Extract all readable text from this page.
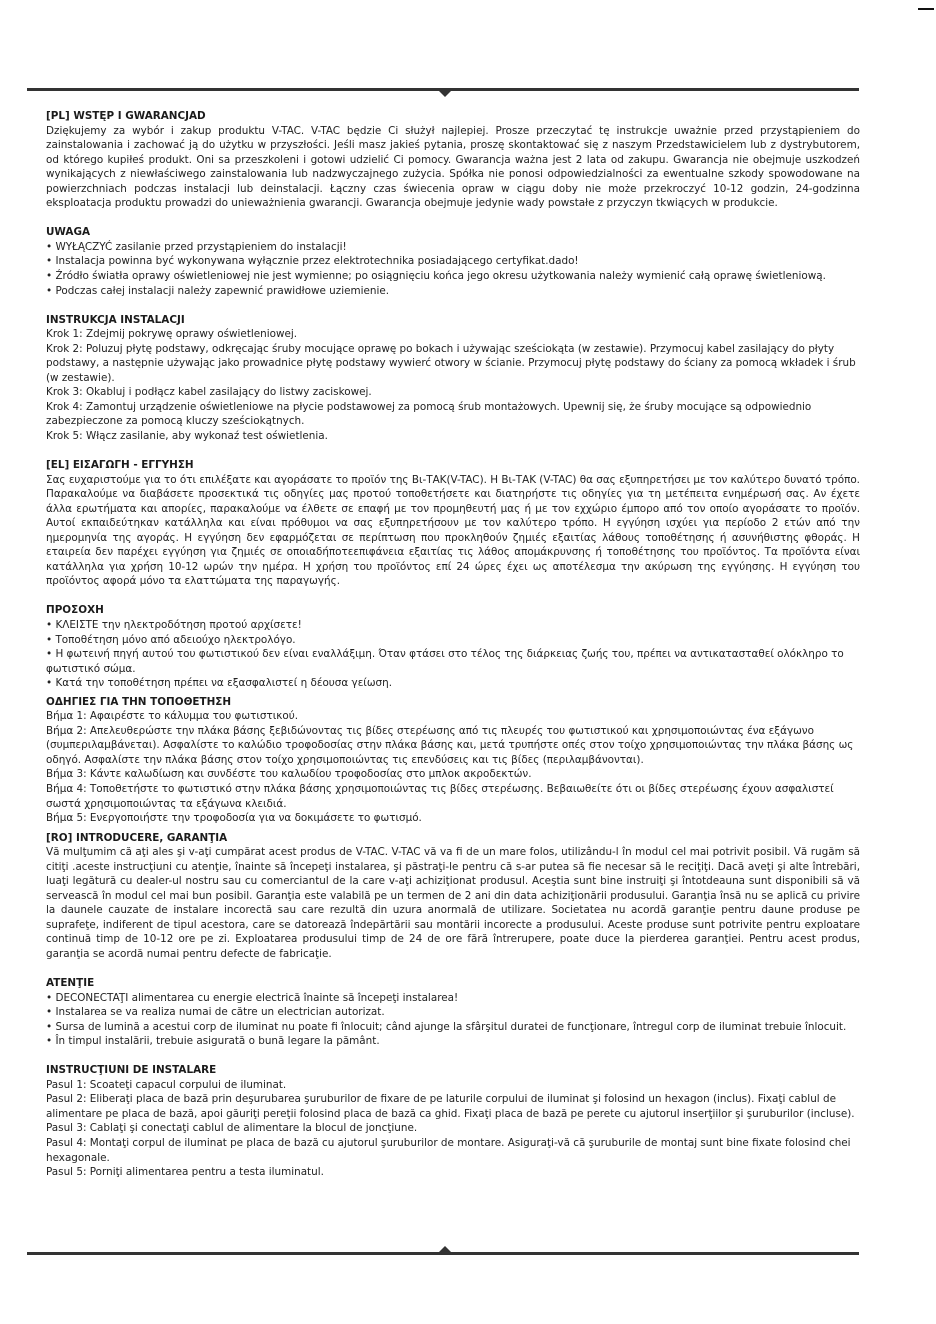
[PL] WSTĘP I GWARANCJAD

Dziękujemy za wybór i zakup produktu V-TAC. V-TAC będzie Ci służył najlepiej. Prosze przeczytać tę instrukcje uważnie przed przystąpieniem do zainstalowania i zachować ją do użytku w przyszłości. Jeśli masz jakieś pytania, proszę skontaktować się z naszym Przedstawicielem lub z dystrybutorem, od którego kupiłeś produkt. Oni sa przeszkoleni i gotowi udzielić Ci pomocy. Gwarancja ważna jest 2 lata od zakupu. Gwarancja nie obejmuje uszkodzeń wynikających z niewłaściwego zainstalowania lub nadzwyczajnego zużycia. Spółka nie ponosi odpowiedzialności za ewentualne szkody spowodowane na powierzchniach podczas instalacji lub deinstalacji. Łączny czas świecenia opraw w ciągu doby nie może przekroczyć 10-12 godzin, 24-godzinna eksploatacja produktu prowadzi do unieważnienia gwarancji. Gwarancja obejmuje jedynie wady powstałe z przyczyn tkwiących w produkcie.

UWAGA
• WYŁĄCZYĆ zasilanie przed przystąpieniem do instalacji!
• Instalacja powinna być wykonywana wyłącznie przez elektrotechnika posiadającego certyfikat.dado!
• Źródło światła oprawy oświetleniowej nie jest wymienne; po osiągnięciu końca jego okresu użytkowania należy wymienić całą oprawę świetleniową.
• Podczas całej instalacji należy zapewnić prawidłowe uziemienie.
INSTRUKCJA INSTALACJI
Krok 1: Zdejmij pokrywę oprawy oświetleniowej.
Krok 2: Poluzuj płytę podstawy, odkręcając śruby mocujące oprawę po bokach i używając sześciokąta (w zestawie). Przymocuj kabel zasilający do płyty podstawy, a następnie używając jako prowadnice płytę podstawy wywierć otwory w ścianie. Przymocuj płytę podstawy do ściany za pomocą wkładek i śrub (w zestawie).
Krok 3: Okabluj i podłącz kabel zasilający do listwy zaciskowej.
Krok 4: Zamontuj urządzenie oświetleniowe na płycie podstawowej za pomocą śrub montażowych. Upewnij się, że śruby mocujące są odpowiednio zabezpieczone za pomocą kluczy sześciokątnych.
Krok 5: Włącz zasilanie, aby wykonaź test oświetlenia.
[EL] ΕΙΣΑΓΩΓΗ - ΕΓΓΥΗΣΗ

Σας ευχαριστούμε για το ότι επιλέξατε και αγοράσατε το προϊόν της Βι-ΤΑΚ(V-TAC). Η Βι-ΤΑΚ (V-TAC) θα σας εξυπηρετήσει με τον καλύτερο δυνατό τρόπο. Παρακαλούμε να διαβάσετε προσεκτικά τις οδηγίες μας προτού τοποθετήσετε και διατηρήστε τις οδηγίες για τη μετέπειτα ενημέρωσή σας. Αν έχετε άλλα ερωτήματα και απορίες, παρακαλούμε να έλθετε σε επαφή με τον προμηθευτή μας ή με τον εχχώριο έμπορο από τον οποίο αγοράσατε το προϊόν. Αυτοί εκπαιδεύτηκαν κατάλληλα και είναι πρόθυμοι να σας εξυπηρετήσουν με τον καλύτερο τρόπο. Η εγγύηση ισχύει για περίοδο 2 ετών από την ημερομηνία της αγοράς. Η εγγύηση δεν εφαρμόζεται σε περίπτωση που προκληθούν ζημιές εξαιτίας λάθους τοποθέτησης ή ασυνήθιστης φθοράς. Η εταιρεία δεν παρέχει εγγύηση για ζημιές σε οποιαδήποτεεπιφάνεια εξαιτίας τις λάθος απομάκρυνσης ή τοποθέτησης του προϊόντος. Τα προϊόντα είναι κατάλληλα για χρήση 10-12 ωρών την ημέρα. Η χρήση του προϊόντος επί 24 ώρες έχει ως αποτέλεσμα την ακύρωση της εγγύησης. Η εγγύηση του προϊόντος αφορά μόνο τα ελαττώματα της παραγωγής.

ΠΡΟΣΟΧΗ
• ΚΛΕΙΣΤΕ την ηλεκτροδότηση προτού αρχίσετε!
• Τοποθέτηση μόνο από αδειούχο ηλεκτρολόγο.
• Η φωτεινή πηγή αυτού του φωτιστικού δεν είναι εναλλάξιμη. Όταν φτάσει στο τέλος της διάρκειας ζωής του, πρέπει να αντικατασταθεί ολόκληρο το φωτιστικό σώμα.
• Κατά την τοποθέτηση πρέπει να εξασφαλιστεί η δέουσα γείωση.
ΟΔΗΓΙΕΣ ΓΙΑ ΤΗΝ ΤΟΠΟΘΕΤΗΣΗ
Βήμα 1: Αφαιρέστε το κάλυμμα του φωτιστικού.
Βήμα 2: Απελευθερώστε την πλάκα βάσης ξεβιδώνοντας τις βίδες στερέωσης από τις πλευρές του φωτιστικού και χρησιμοποιώντας ένα εξάγωνο (συμπεριλαμβάνεται). Ασφαλίστε το καλώδιο τροφοδοσίας στην πλάκα βάσης και, μετά τρυπήστε οπές στον τοίχο χρησιμοποιώντας την πλάκα βάσης ως οδηγό. Ασφαλίστε την πλάκα βάσης στον τοίχο χρησιμοποιώντας τις επενδύσεις και τις βίδες (περιλαμβάνονται).
Βήμα 3: Κάντε καλωδίωση και συνδέστε του καλωδίου τροφοδοσίας στο μπλοκ ακροδεκτών.
Βήμα 4: Τοποθετήστε το φωτιστικό στην πλάκα βάσης χρησιμοποιώντας τις βίδες στερέωσης. Βεβαιωθείτε ότι οι βίδες στερέωσης έχουν ασφαλιστεί σωστά χρησιμοποιώντας τα εξάγωνα κλειδιά.
Βήμα 5: Ενεργοποιήστε την τροφοδοσία για να δοκιμάσετε το φωτισμό.
[RO] INTRODUCERE, GARANŢIA

Vă mulţumim că aţi ales şi v-aţi cumpărat acest produs de V-TAC. V-TAC vă va fi de un mare folos, utilizându-l în modul cel mai potrivit posibil. Vă rugăm să citiţi .aceste instrucţiuni cu atenţie, înainte să începeţi instalarea, şi păstraţi-le pentru că s-ar putea să fie necesar să le reciţiţi. Dacă aveţi şi alte întrebări, luaţi legătură cu dealer-ul nostru sau cu comerciantul de la care v-aţi achiziţionat produsul. Aceştia sunt bine instruiţi şi întotdeauna sunt disponibili să vă servească în modul cel mai bun posibil. Garanţia este valabilă pe un termen de 2 ani din data achiziţionării produsului. Garanţia însă nu se aplică cu privire la daunele cauzate de instalare incorectă sau care rezultă din uzura anormală de utilizare. Societatea nu acordă garanţie pentru daune produse pe suprafeţe, indiferent de tipul acestora, care se datorează îndepărtării sau montării incorecte a produsului. Aceste produse sunt potrivite pentru exploatare continuă timp de 10-12 ore pe zi. Exploatarea produsului timp de 24 de ore fără întrerupere, poate duce la pierderea garanţiei. Pentru acest produs, garanţia se acordă numai pentru defecte de fabricaţie.

ATENŢIE
• DECONECTAŢI alimentarea cu energie electrică înainte să începeţi instalarea!
• Instalarea se va realiza numai de către un electrician autorizat.
• Sursa de lumină a acestui corp de iluminat nu poate fi înlocuit; când ajunge la sfârşitul duratei de funcţionare, întregul corp de iluminat trebuie înlocuit.
• În timpul instalării, trebuie asigurată o bună legare la pământ.
INSTRUCŢIUNI DE INSTALARE
Pasul 1: Scoateţi capacul corpului de iluminat.
Pasul 2: Eliberaţi placa de bază prin deşurubarea şuruburilor de fixare de pe laturile corpului de iluminat şi folosind un hexagon (inclus). Fixaţi cablul de alimentare pe placa de bază, apoi găuriţi pereţii folosind placa de bază ca ghid. Fixaţi placa de bază pe perete cu ajutorul inserţiilor şi şuruburilor (incluse).
Pasul 3: Cablaţi şi conectaţi cablul de alimentare la blocul de joncţiune.
Pasul 4: Montaţi corpul de iluminat pe placa de bază cu ajutorul şuruburilor de montare. Asiguraţi-vă că şuruburile de montaj sunt bine fixate folosind chei hexagonale.
Pasul 5: Porniţi alimentarea pentru a testa iluminatul.
